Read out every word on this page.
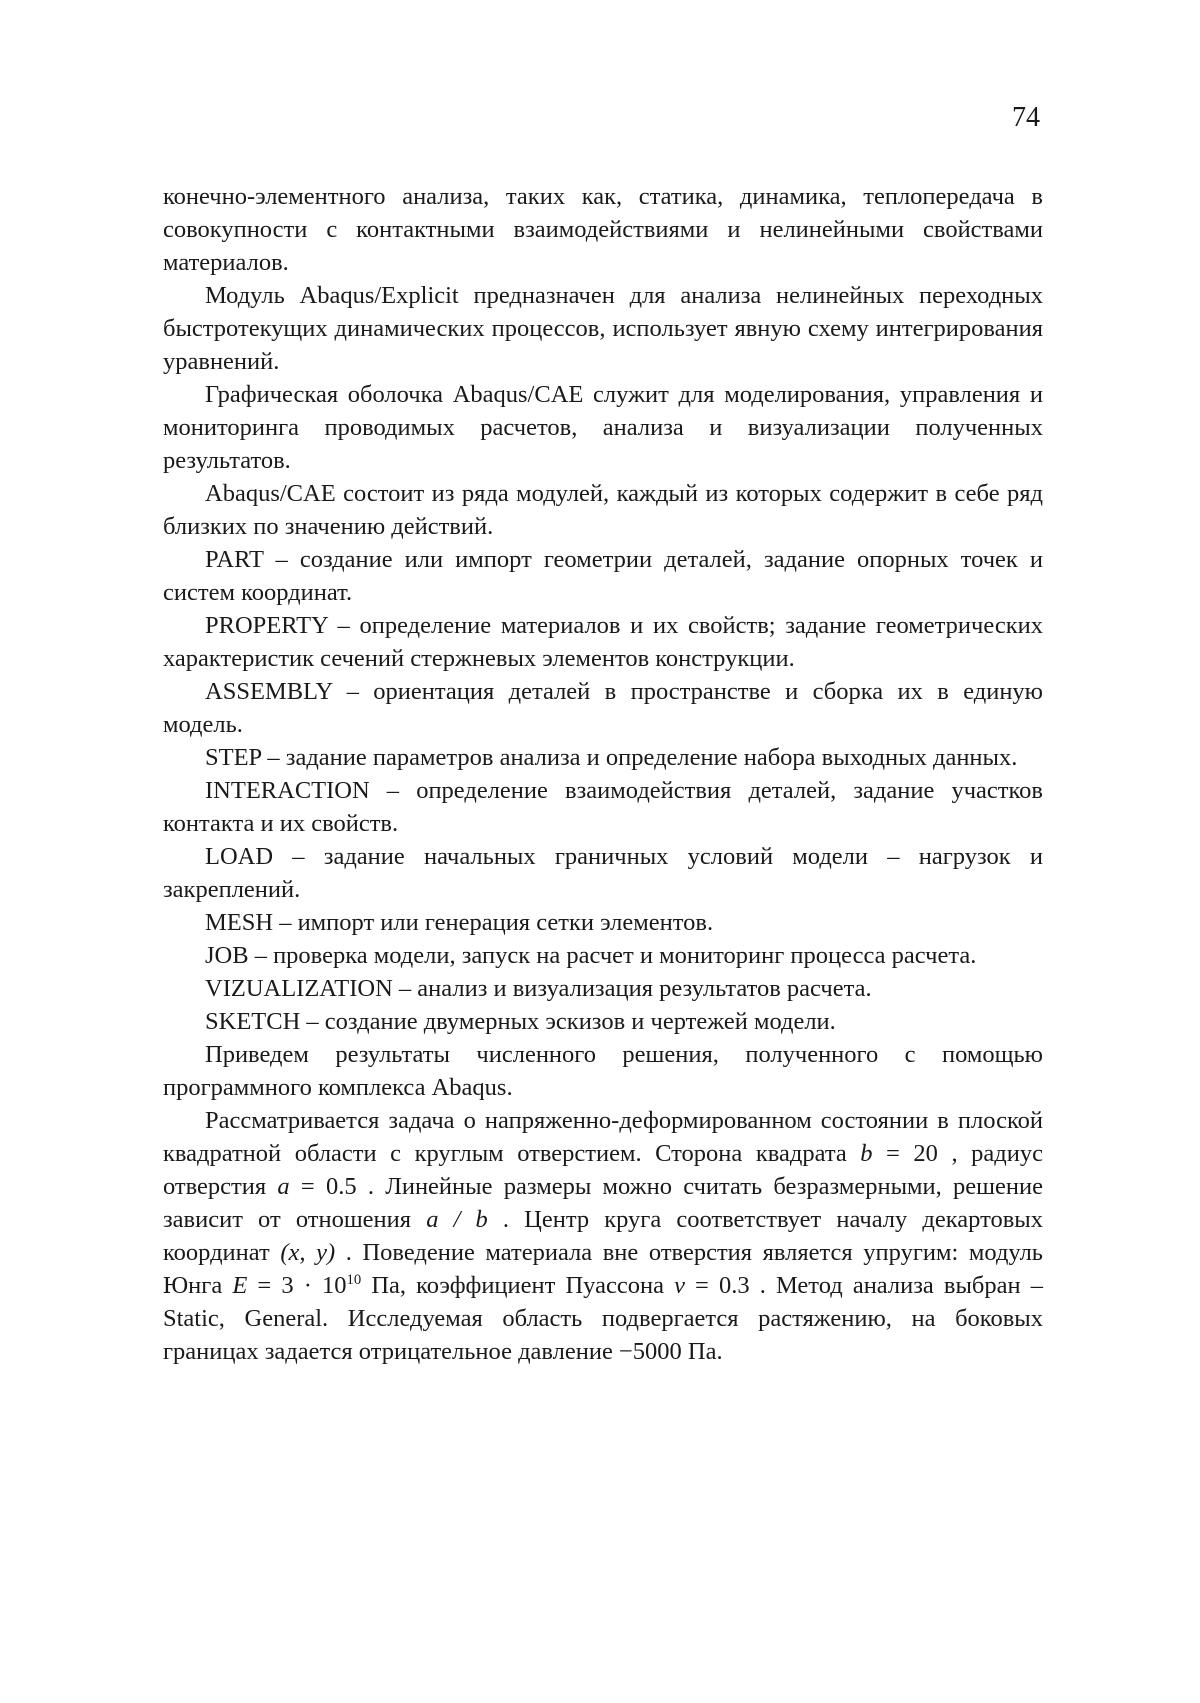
74

конечно-элементного анализа, таких как, статика, динамика, теплопередача в совокупности с контактными взаимодействиями и нелинейными свойствами материалов.

Модуль Abaqus/Explicit предназначен для анализа нелинейных переходных быстротекущих динамических процессов, использует явную схему интегрирования уравнений.

Графическая оболочка Abaqus/CAE служит для моделирования, управления и мониторинга проводимых расчетов, анализа и визуализации полученных результатов.

Abaqus/CAE состоит из ряда модулей, каждый из которых содержит в себе ряд близких по значению действий.

PART – создание или импорт геометрии деталей, задание опорных точек и систем координат.

PROPERTY – определение материалов и их свойств; задание геометрических характеристик сечений стержневых элементов конструкции.

ASSEMBLY – ориентация деталей в пространстве и сборка их в единую модель.

STEP – задание параметров анализа и определение набора выходных данных.

INTERACTION – определение взаимодействия деталей, задание участков контакта и их свойств.

LOAD – задание начальных граничных условий модели – нагрузок и закреплений.

MESH – импорт или генерация сетки элементов.

JOB – проверка модели, запуск на расчет и мониторинг процесса расчета.

VIZUALIZATION – анализ и визуализация результатов расчета.

SKETCH – создание двумерных эскизов и чертежей модели.

Приведем результаты численного решения, полученного с помощью программного комплекса Abaqus.

Рассматривается задача о напряженно-деформированном состоянии в плоской квадратной области с круглым отверстием. Сторона квадрата b = 20 , радиус отверстия a = 0.5 . Линейные размеры можно считать безразмерными, решение зависит от отношения a / b . Центр круга соответствует началу декартовых координат (x, y) . Поведение материала вне отверстия является упругим: модуль Юнга E = 3 · 1010 Па, коэффициент Пуассона ν = 0.3 . Метод анализа выбран – Static, General. Исследуемая область подвергается растяжению, на боковых границах задается отрицательное давление −5000 Па.
